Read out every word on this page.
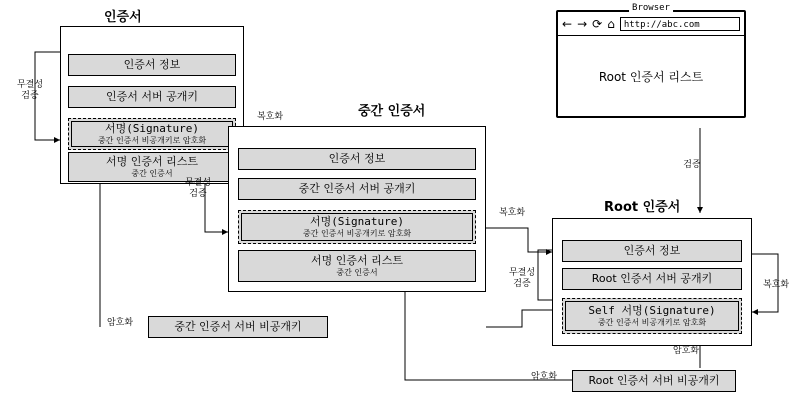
인증서
인증서 정보
인증서 서버 공개키
서명(Signature)
중간 인증서 비공개키로 암호화
서명 인증서 리스트
중간 인증서
무결성
검증
복호화	중간 인증서
인증서 정보
중간 인증서 서버 공개키
서명(Signature)
중간 인증서 비공개키로 암호화
서명 인증서 리스트
중간 인증서
무결성
검증
복호화	Root 인증서
인증서 정보
Root 인증서 서버 공개키
Self 서명(Signature)
중간 인증서 비공개키로 암호화
무결성
검증	복호화
중간 인증서 서버 비공개키
암호화
Root 인증서 서버 비공개키
암호화
암호화
검증
Browser
← → ⟳ ⌂	http://abc.com
Root 인증서 리스트
